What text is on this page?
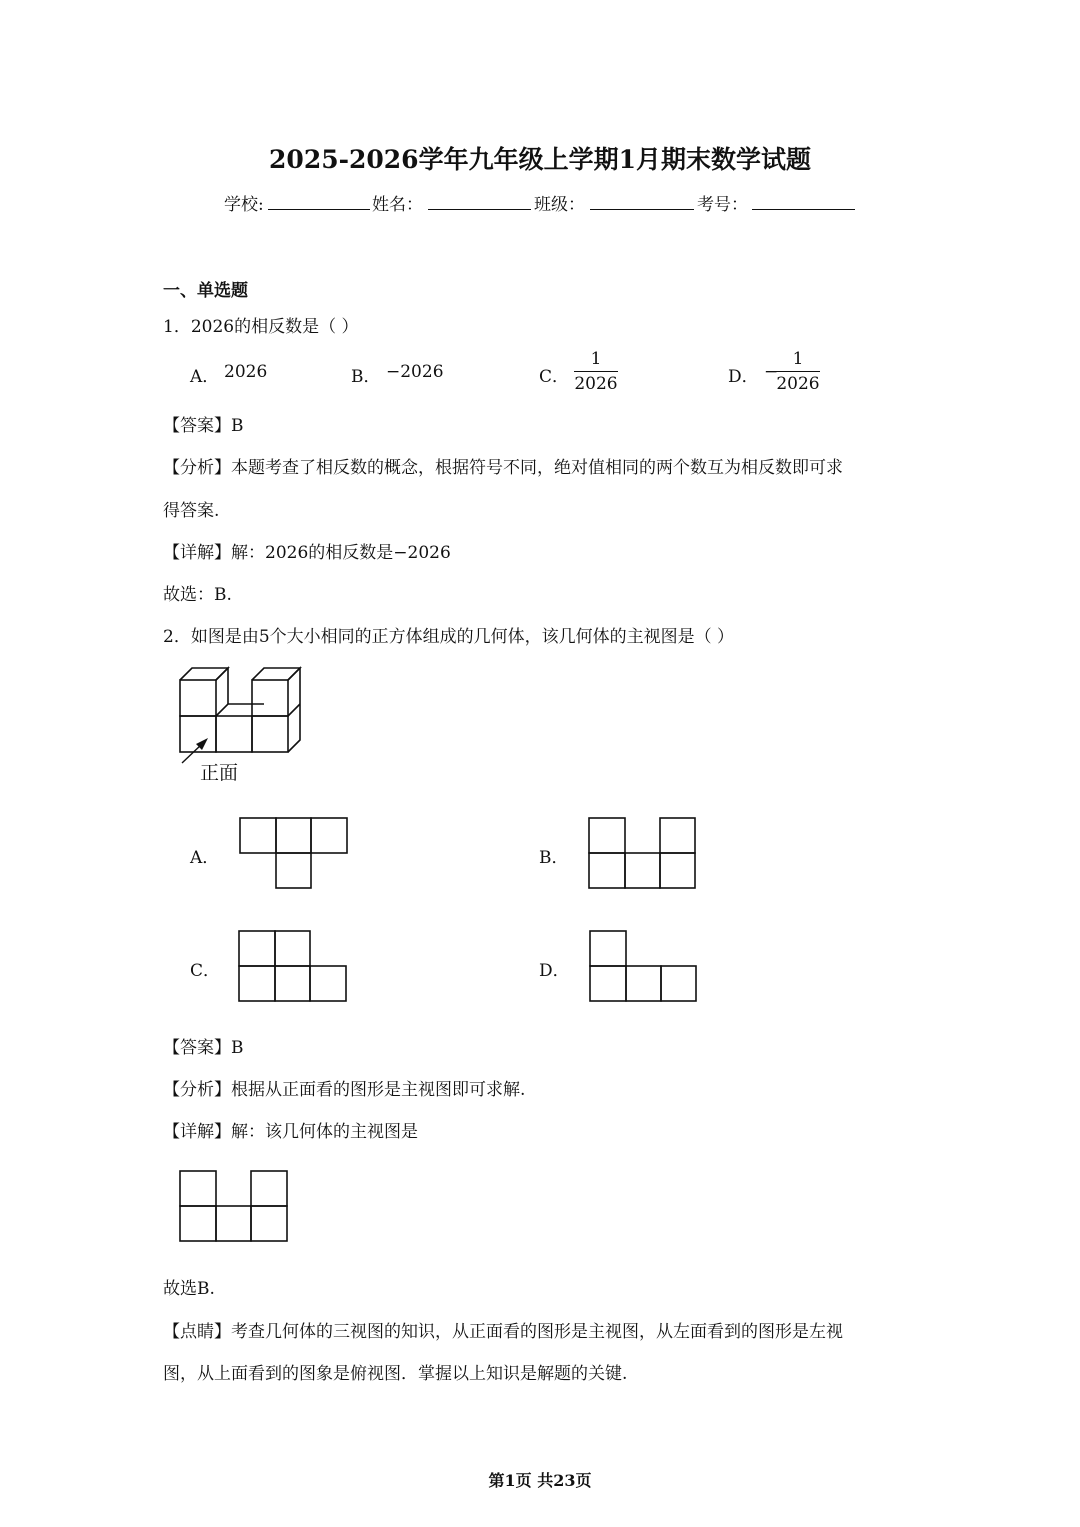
2025-2026学年九年级上学期1月期末数学试题
学校:	姓名：	班级：	考号：
一、单选题
1．2026的相反数是（ ）
A． 2026	B． −2026	C．
1
2026	D． −
1
2026
【答案】B
【分析】本题考查了相反数的概念，根据符号不同，绝对值相同的两个数互为相反数即可求
得答案.
【详解】解：2026的相反数是−2026
故选：B.
2．如图是由5个大小相同的正方体组成的几何体，该几何体的主视图是（ ）
正面
A．	B．
C．	D．
【答案】B
【分析】根据从正面看的图形是主视图即可求解.
【详解】解：该几何体的主视图是
故选B.
【点睛】考查几何体的三视图的知识，从正面看的图形是主视图，从左面看到的图形是左视
图，从上面看到的图象是俯视图．掌握以上知识是解题的关键.
第1页 共23页
